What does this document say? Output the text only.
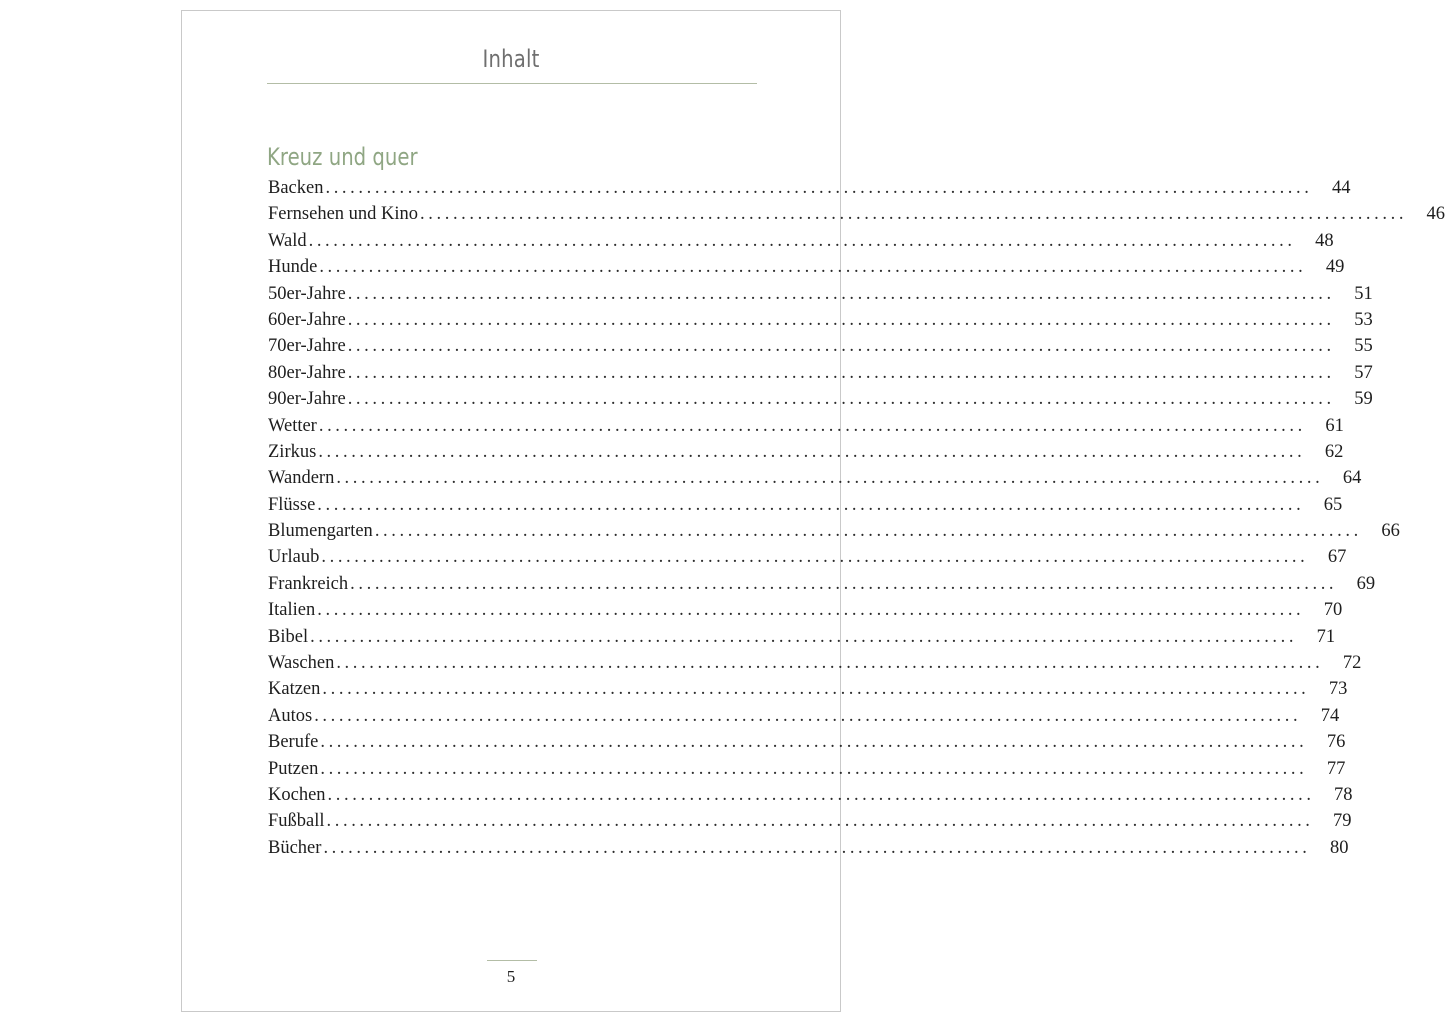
Inhalt
Kreuz und quer
Backen ........................................................................................................................ 44
Fernsehen und Kino ........................................................................................................................ 46
Wald ........................................................................................................................ 48
Hunde ........................................................................................................................ 49
50er-Jahre ........................................................................................................................ 51
60er-Jahre ........................................................................................................................ 53
70er-Jahre ........................................................................................................................ 55
80er-Jahre ........................................................................................................................ 57
90er-Jahre ........................................................................................................................ 59
Wetter ........................................................................................................................ 61
Zirkus ........................................................................................................................ 62
Wandern ........................................................................................................................ 64
Flüsse ........................................................................................................................ 65
Blumengarten ........................................................................................................................ 66
Urlaub ........................................................................................................................ 67
Frankreich ........................................................................................................................ 69
Italien ........................................................................................................................ 70
Bibel ........................................................................................................................ 71
Waschen ........................................................................................................................ 72
Katzen ........................................................................................................................ 73
Autos ........................................................................................................................ 74
Berufe ........................................................................................................................ 76
Putzen ........................................................................................................................ 77
Kochen ........................................................................................................................ 78
Fußball ........................................................................................................................ 79
Bücher ........................................................................................................................ 80
5
